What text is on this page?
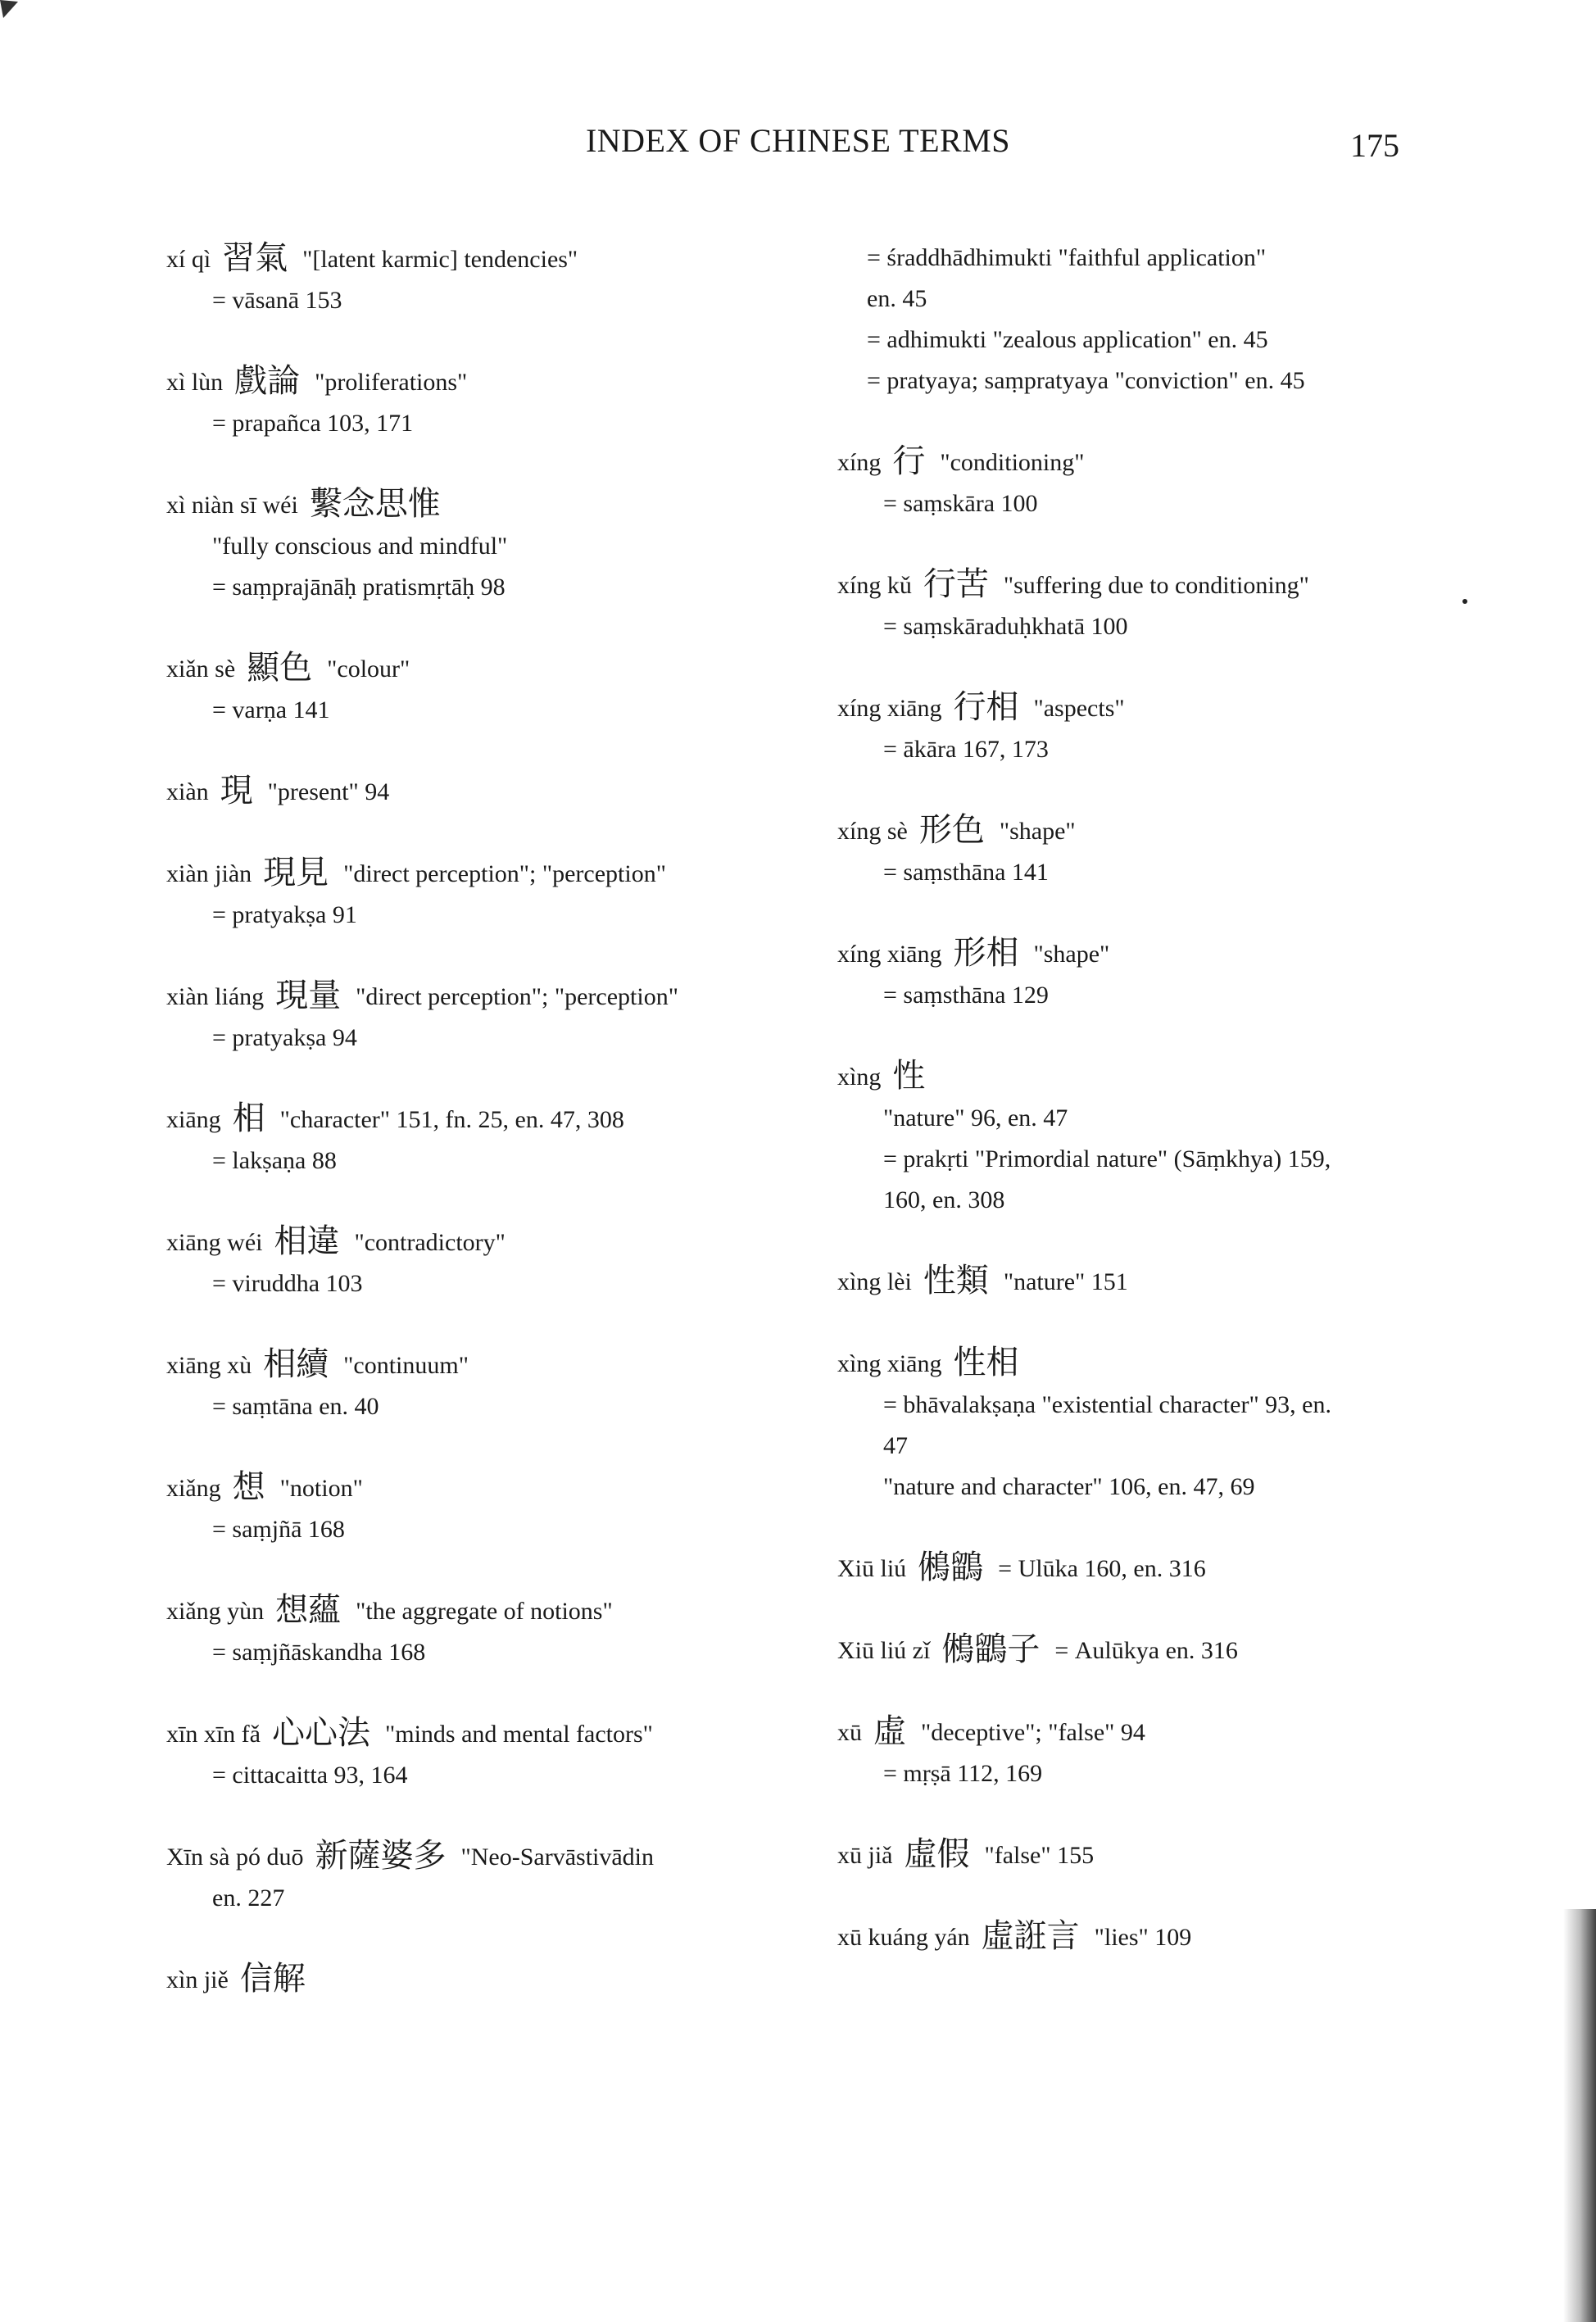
INDEX OF CHINESE TERMS	175
xí qì 習氣 "[latent karmic] tendencies"
= vāsanā 153
xì lùn 戲論 "proliferations"
= prapañca 103, 171
xì niàn sī wéi 繫念思惟
"fully conscious and mindful"
= saṃprajānāḥ pratismṛtāḥ 98
xiǎn sè 顯色 "colour"
= varṇa 141
xiàn 現 "present" 94
xiàn jiàn 現見 "direct perception"; "perception"
= pratyakṣa 91
xiàn liáng 現量 "direct perception"; "perception"
= pratyakṣa 94
xiāng 相 "character" 151, fn. 25, en. 47, 308
= lakṣaṇa 88
xiāng wéi 相違 "contradictory"
= viruddha 103
xiāng xù 相續 "continuum"
= saṃtāna en. 40
xiǎng 想 "notion"
= saṃjñā 168
xiǎng yùn 想蘊 "the aggregate of notions"
= saṃjñāskandha 168
xīn xīn fǎ 心心法 "minds and mental factors"
= cittacaitta 93, 164
Xīn sà pó duō 新薩婆多 "Neo-Sarvāstivādin
en. 227
xìn jiě 信解
= śraddhādhimukti "faithful application"
en. 45
= adhimukti "zealous application" en. 45
= pratyaya; saṃpratyaya "conviction" en. 45
xíng 行 "conditioning"
= saṃskāra 100
xíng kǔ 行苦 "suffering due to conditioning"
= saṃskāraduḥkhatā 100
xíng xiāng 行相 "aspects"
= ākāra 167, 173
xíng sè 形色 "shape"
= saṃsthāna 141
xíng xiāng 形相 "shape"
= saṃsthāna 129
xìng 性
"nature" 96, en. 47
= prakṛti "Primordial nature" (Sāṃkhya) 159,
160, en. 308
xìng lèi 性類 "nature" 151
xìng xiāng 性相
= bhāvalakṣaṇa "existential character" 93, en.
47
"nature and character" 106, en. 47, 69
Xiū liú 鵂鶹 = Ulūka 160, en. 316
Xiū liú zǐ 鵂鶹子 = Aulūkya en. 316
xū 虛 "deceptive"; "false" 94
= mṛṣā 112, 169
xū jiǎ 虛假 "false" 155
xū kuáng yán 虛誑言 "lies" 109
